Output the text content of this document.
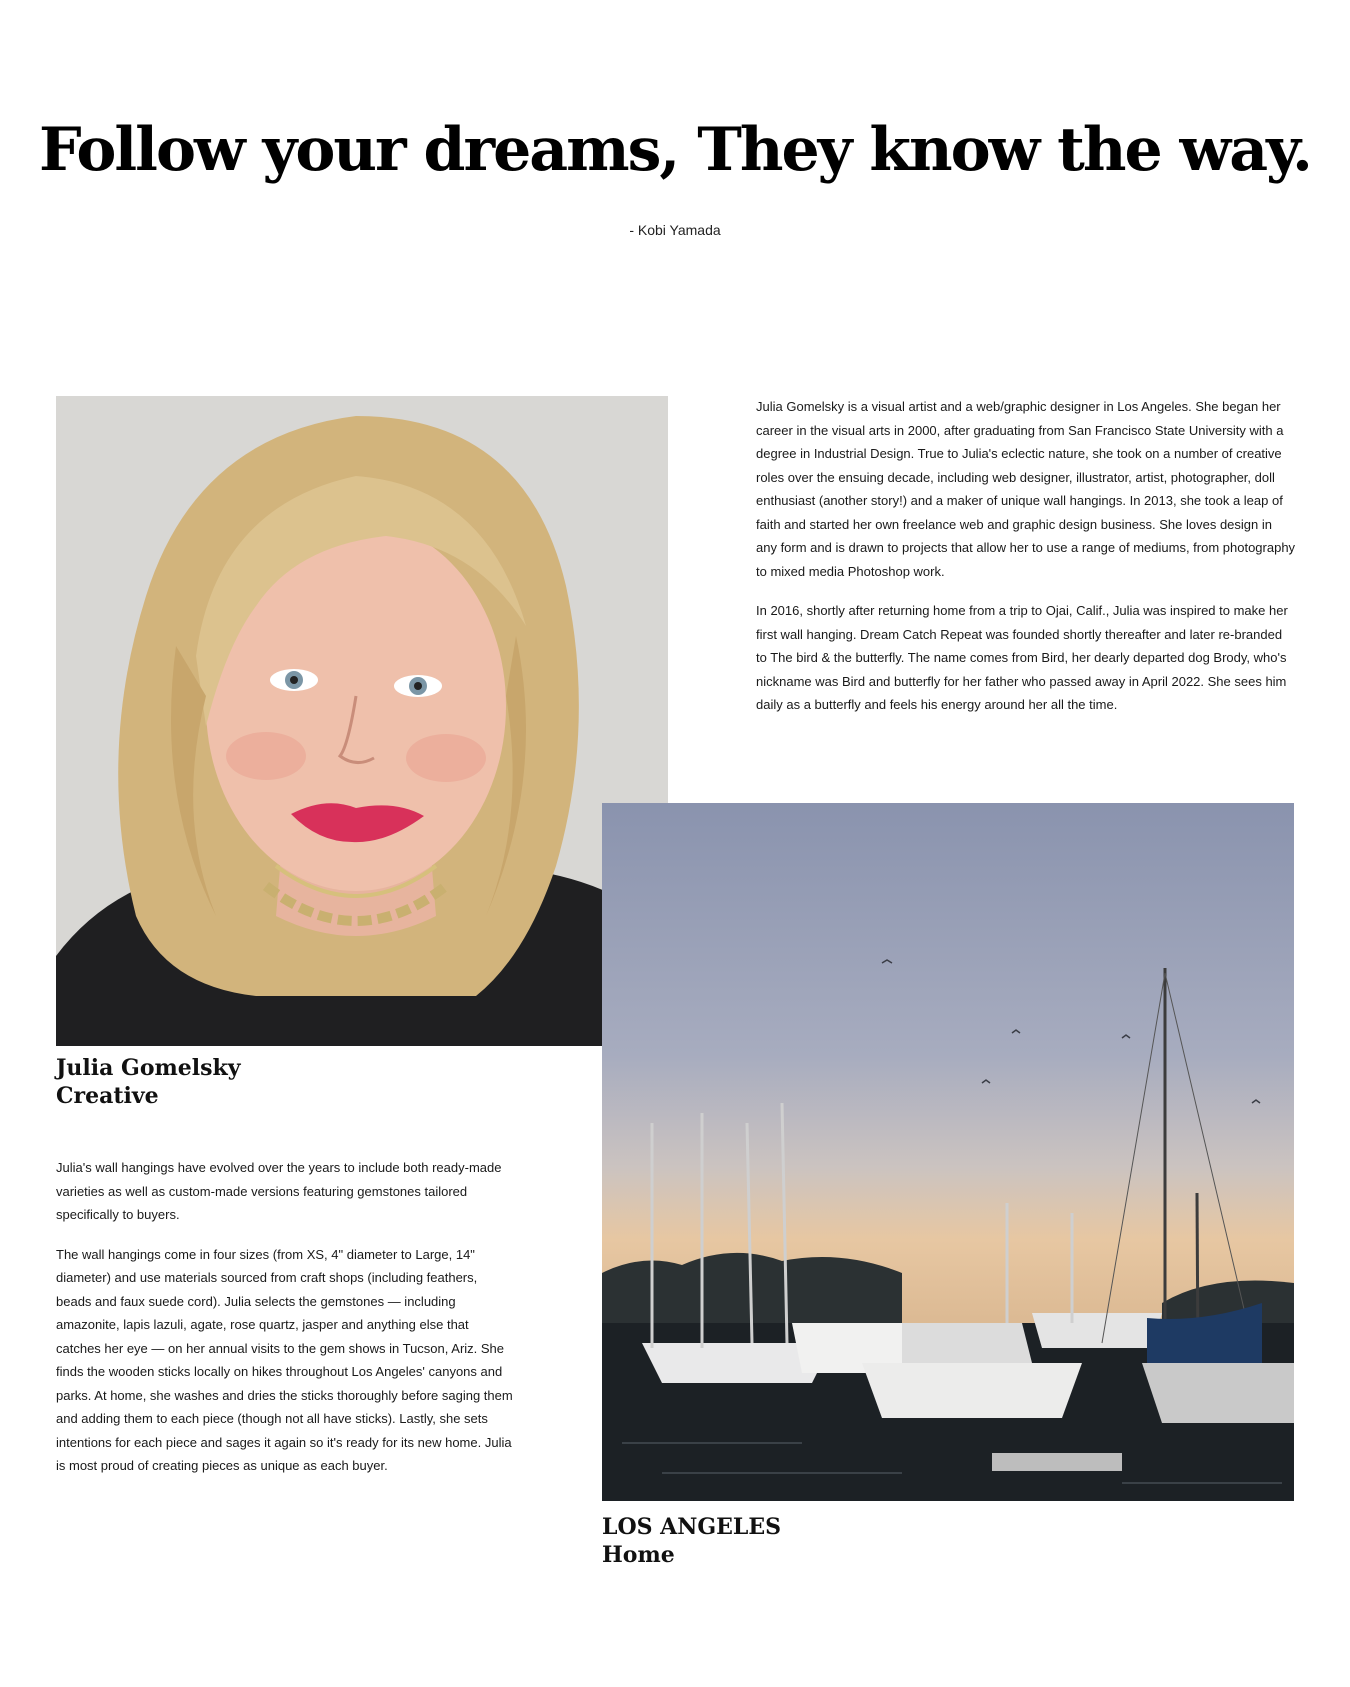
Follow your dreams, They know the way.

- Kobi Yamada

Julia Gomelsky is a visual artist and a web/graphic designer in Los Angeles. She began her career in the visual arts in 2000, after graduating from San Francisco State University with a degree in Industrial Design. True to Julia's eclectic nature, she took on a number of creative roles over the ensuing decade, including web designer, illustrator, artist, photographer, doll enthusiast (another story!) and a maker of unique wall hangings. In 2013, she took a leap of faith and started her own freelance web and graphic design business. She loves design in any form and is drawn to projects that allow her to use a range of mediums, from photography to mixed media Photoshop work.

In 2016, shortly after returning home from a trip to Ojai, Calif., Julia was inspired to make her first wall hanging. Dream Catch Repeat was founded shortly thereafter and later re-branded to The bird & the butterfly. The name comes from Bird, her dearly departed dog Brody, who's nickname was Bird and butterfly for her father who passed away in April 2022. She sees him daily as a butterfly and feels his energy around her all the time.

Julia Gomelsky
Creative

Julia's wall hangings have evolved over the years to include both ready-made varieties as well as custom-made versions featuring gemstones tailored specifically to buyers.

The wall hangings come in four sizes (from XS, 4" diameter to Large, 14" diameter) and use materials sourced from craft shops (including feathers, beads and faux suede cord). Julia selects the gemstones — including amazonite, lapis lazuli, agate, rose quartz, jasper and anything else that catches her eye — on her annual visits to the gem shows in Tucson, Ariz. She finds the wooden sticks locally on hikes throughout Los Angeles' canyons and parks. At home, she washes and dries the sticks thoroughly before saging them and adding them to each piece (though not all have sticks). Lastly, she sets intentions for each piece and sages it again so it's ready for its new home. Julia is most proud of creating pieces as unique as each buyer.

LOS ANGELES
Home
